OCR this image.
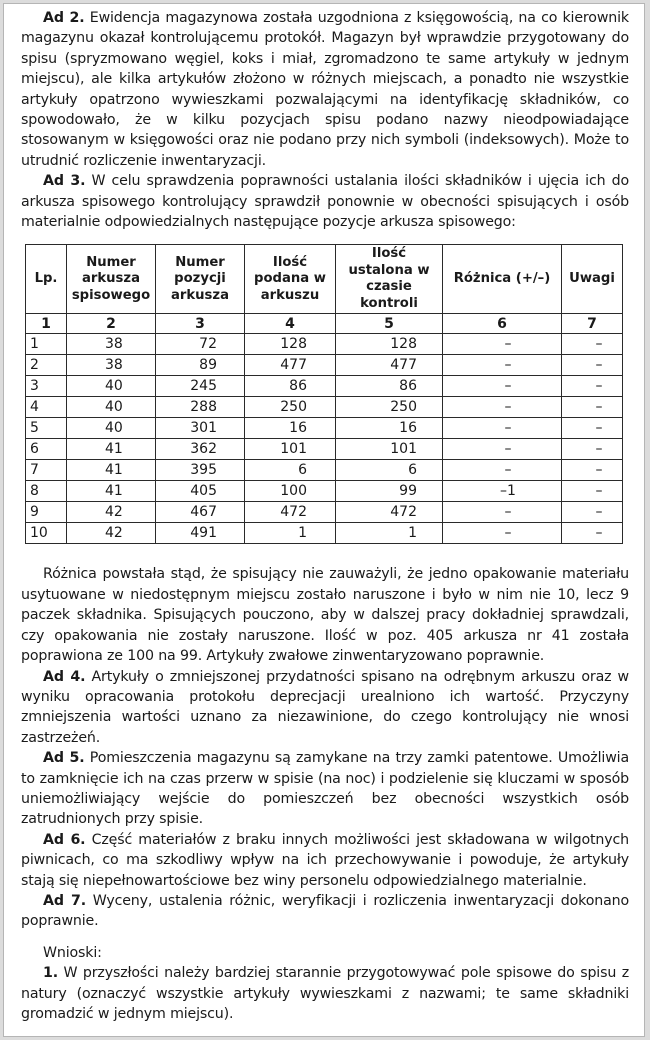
Ad 2. Ewidencja magazynowa została uzgodniona z księgowością, na co kierownik magazynu okazał kontrolującemu protokół. Magazyn był wprawdzie przygotowany do spisu (spryzmowano węgiel, koks i miał, zgromadzono te same artykuły w jednym miejscu), ale kilka artykułów złożono w różnych miejscach, a ponadto nie wszystkie artykuły opatrzono wywieszkami pozwalającymi na identyfikację składników, co spowodowało, że w kilku pozycjach spisu podano nazwy nieodpowiadające stosowanym w księgowości oraz nie podano przy nich symboli (indeksowych). Może to utrudnić rozliczenie inwentaryzacji.

Ad 3. W celu sprawdzenia poprawności ustalania ilości składników i ujęcia ich do arkusza spisowego kontrolujący sprawdził ponownie w obecności spisujących i osób materialnie odpowiedzialnych następujące pozycje arkusza spisowego:

Lp.	Numer arkusza spisowego	Numer pozycji arkusza	Ilość podana w arkuszu	Ilość ustalona w czasie kontroli	Różnica (+/–)	Uwagi
1	2	3	4	5	6	7
1	38	72	128	128	–	–
2	38	89	477	477	–	–
3	40	245	86	86	–	–
4	40	288	250	250	–	–
5	40	301	16	16	–	–
6	41	362	101	101	–	–
7	41	395	6	6	–	–
8	41	405	100	99	–1	–
9	42	467	472	472	–	–
10	42	491	1	1	–	–

Różnica powstała stąd, że spisujący nie zauważyli, że jedno opakowanie materiału usytuowane w niedostępnym miejscu zostało naruszone i było w nim nie 10, lecz 9 paczek składnika. Spisujących pouczono, aby w dalszej pracy dokładniej sprawdzali, czy opakowania nie zostały naruszone. Ilość w poz. 405 arkusza nr 41 została poprawiona ze 100 na 99. Artykuły zwałowe zinwentaryzowano poprawnie.

Ad 4. Artykuły o zmniejszonej przydatności spisano na odrębnym arkuszu oraz w wyniku opracowania protokołu deprecjacji urealniono ich wartość. Przyczyny zmniejszenia wartości uznano za niezawinione, do czego kontrolujący nie wnosi zastrzeżeń.

Ad 5. Pomieszczenia magazynu są zamykane na trzy zamki patentowe. Umożliwia to zamknięcie ich na czas przerw w spisie (na noc) i podzielenie się kluczami w sposób uniemożliwiający wejście do pomieszczeń bez obecności wszystkich osób zatrudnionych przy spisie.

Ad 6. Część materiałów z braku innych możliwości jest składowana w wilgotnych piwnicach, co ma szkodliwy wpływ na ich przechowywanie i powoduje, że artykuły stają się niepełnowartościowe bez winy personelu odpowiedzialnego materialnie.

Ad 7. Wyceny, ustalenia różnic, weryfikacji i rozliczenia inwentaryzacji dokonano poprawnie.

Wnioski:

1. W przyszłości należy bardziej starannie przygotowywać pole spisowe do spisu z natury (oznaczyć wszystkie artykuły wywieszkami z nazwami; te same składniki gromadzić w jednym miejscu).
